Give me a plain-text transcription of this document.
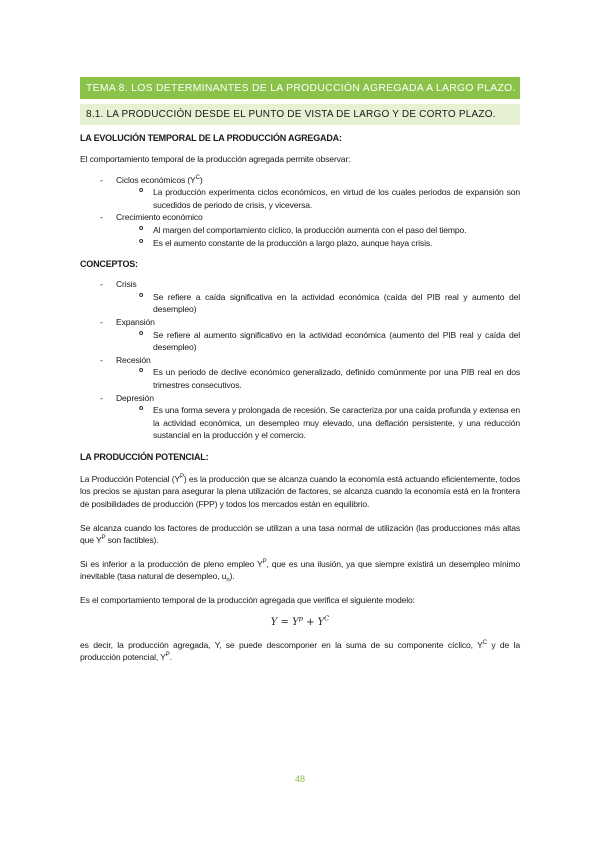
TEMA 8. LOS DETERMINANTES DE LA PRODUCCIÓN AGREGADA A LARGO PLAZO.
8.1. LA PRODUCCIÓN DESDE EL PUNTO DE VISTA DE LARGO Y DE CORTO PLAZO.
LA EVOLUCIÓN TEMPORAL DE LA PRODUCCIÓN AGREGADA:

El comportamiento temporal de la producción agregada permite observar:

- Ciclos económicos $(Y^C)$
o La producción experimenta ciclos económicos, en virtud de los cuales periodos de expansión son sucedidos de periodo de crisis, y viceversa.
- Crecimiento económico
o Al margen del comportamiento cíclico, la producción aumenta con el paso del tiempo.
o Es el aumento constante de la producción a largo plazo, aunque haya crisis.
CONCEPTOS:
- Crisis
o Se refiere a caída significativa en la actividad económica (caída del PIB real y aumento del desempleo)
- Expansión
o Se refiere al aumento significativo en la actividad económica (aumento del PIB real y caída del desempleo)
- Recesión
o Es un periodo de declive económico generalizado, definido comúnmente por una PIB real en dos trimestres consecutivos.
- Depresión
o Es una forma severa y prolongada de recesión. Se caracteriza por una caída profunda y extensa en la actividad económica, un desempleo muy elevado, una deflación persistente, y una reducción sustancial en la producción y el comercio.
LA PRODUCCIÓN POTENCIAL:

La Producción Potencial $(Y^P)$ es la producción que se alcanza cuando la economía está actuando eficientemente, todos los precios se ajustan para asegurar la plena utilización de factores, se alcanza cuando la economía está en la frontera de posibilidades de producción (FPP) y todos los mercados están en equilibrio.

Se alcanza cuando los factores de producción se utilizan a una tasa normal de utilización (las producciones más altas que $Y^P$ son factibles).

Si es inferior a la producción de pleno empleo $Y^P$, que es una ilusión, ya que siempre existirá un desempleo mínimo inevitable (tasa natural de desempleo, $u_n$).

Es el comportamiento temporal de la producción agregada que verifica el siguiente modelo:

$Y = Y^p + Y^C$

es decir, la producción agregada, Y, se puede descomponer en la suma de su componente cíclico, $Y^C$ y de la producción potencial, $Y^P$.

48
